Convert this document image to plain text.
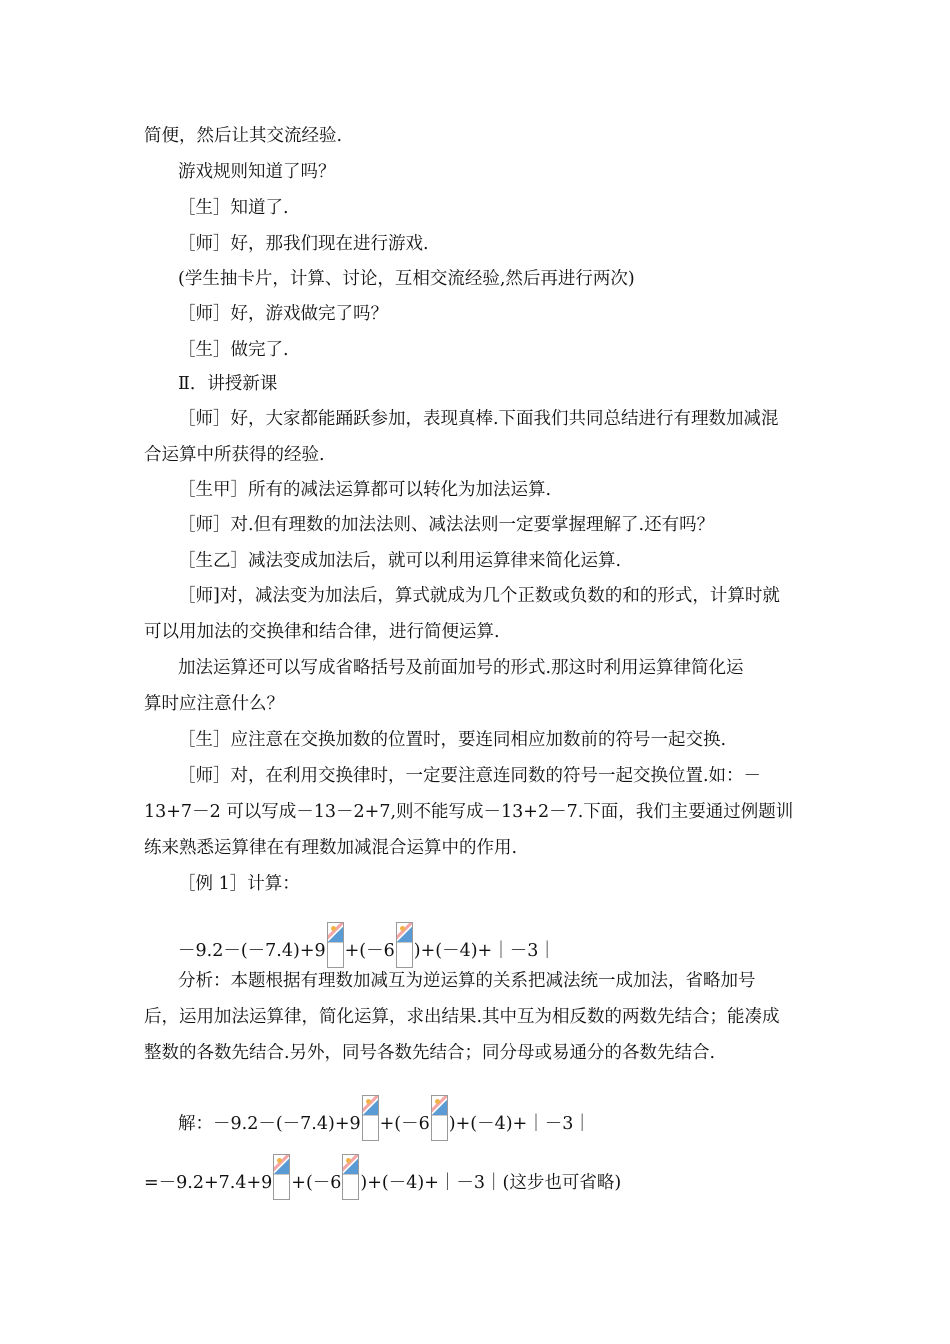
简便，然后让其交流经验.
游戏规则知道了吗？
［生］知道了.
［师］好，那我们现在进行游戏.
(学生抽卡片，计算、讨论，互相交流经验,然后再进行两次)
［师］好，游戏做完了吗？
［生］做完了.
Ⅱ．讲授新课
［师］好，大家都能踊跃参加，表现真棒.下面我们共同总结进行有理数加减混
合运算中所获得的经验.
［生甲］所有的减法运算都可以转化为加法运算.
［师］对.但有理数的加法法则、减法法则一定要掌握理解了.还有吗？
［生乙］减法变成加法后，就可以利用运算律来简化运算.
［师]对，减法变为加法后，算式就成为几个正数或负数的和的形式，计算时就
可以用加法的交换律和结合律，进行简便运算.
加法运算还可以写成省略括号及前面加号的形式.那这时利用运算律简化运
算时应注意什么？
［生］应注意在交换加数的位置时，要连同相应加数前的符号一起交换.
［师］对，在利用交换律时，一定要注意连同数的符号一起交换位置.如：－
13+7－2 可以写成－13－2+7,则不能写成－13+2－7.下面，我们主要通过例题训
练来熟悉运算律在有理数加减混合运算中的作用.
［例 1］计算：
－9.2－(－7.4)+9 +(－6 )+(－4)+｜－3｜
分析：本题根据有理数加减互为逆运算的关系把减法统一成加法，省略加号
后，运用加法运算律，简化运算，求出结果.其中互为相反数的两数先结合；能凑成
整数的各数先结合.另外，同号各数先结合；同分母或易通分的各数先结合.
解：－9.2－(－7.4)+9 +(－6 )+(－4)+｜－3｜
=－9.2+7.4+9 +(－6 )+(－4)+｜－3｜(这步也可省略)
